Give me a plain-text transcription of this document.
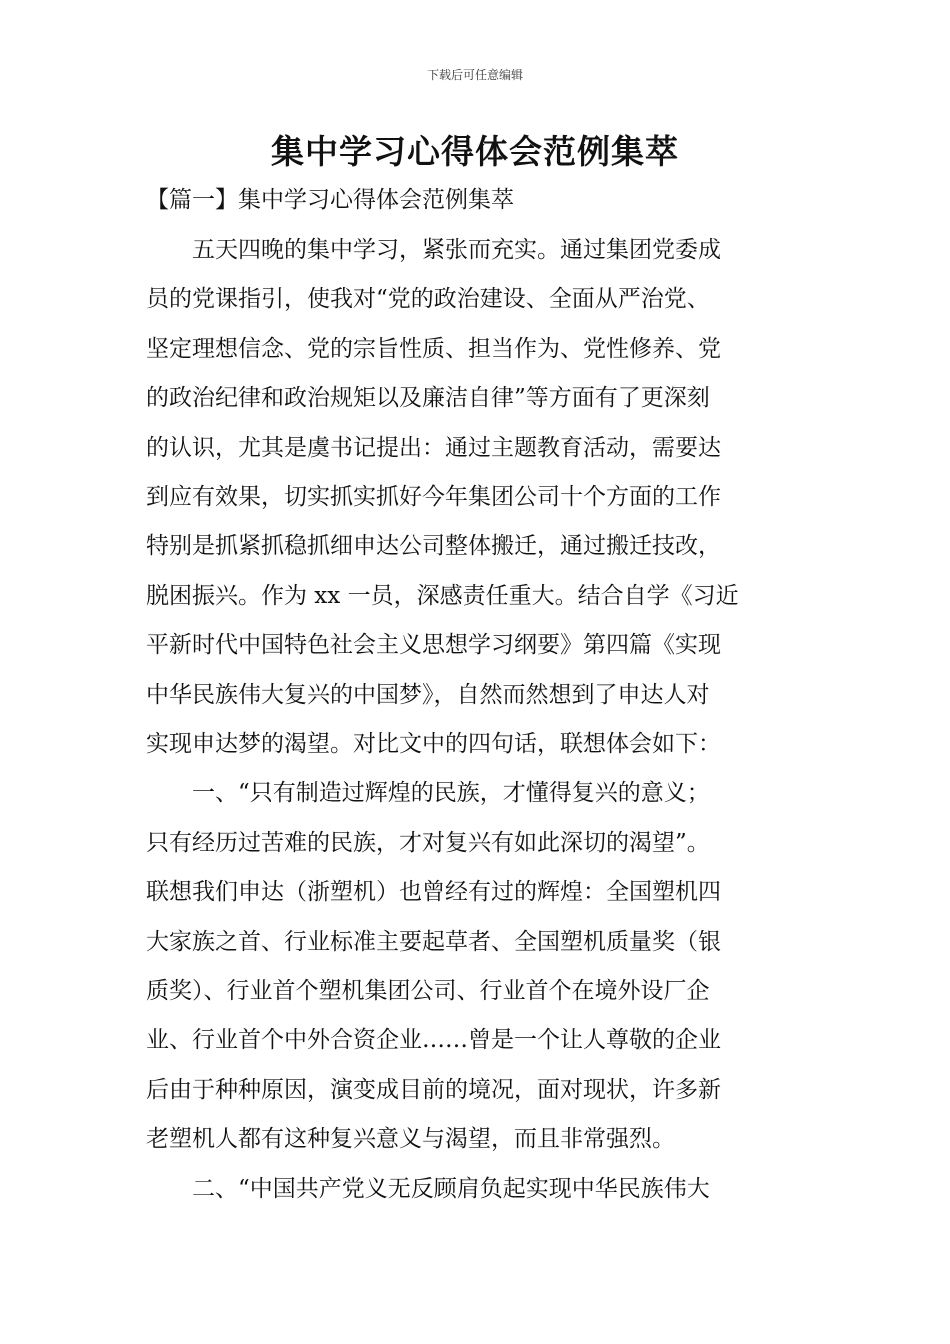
下载后可任意编辑
集中学习心得体会范例集萃
【篇一】集中学习心得体会范例集萃
　　五天四晚的集中学习，紧张而充实。通过集团党委成
员的党课指引，使我对“党的政治建设、全面从严治党、
坚定理想信念、党的宗旨性质、担当作为、党性修养、党
的政治纪律和政治规矩以及廉洁自律”等方面有了更深刻
的认识，尤其是虞书记提出：通过主题教育活动，需要达
到应有效果，切实抓实抓好今年集团公司十个方面的工作
特别是抓紧抓稳抓细申达公司整体搬迁，通过搬迁技改，
脱困振兴。作为 xx 一员，深感责任重大。结合自学《习近
平新时代中国特色社会主义思想学习纲要》第四篇《实现
中华民族伟大复兴的中国梦》，自然而然想到了申达人对
实现申达梦的渴望。对比文中的四句话，联想体会如下：
　　一、“只有制造过辉煌的民族，才懂得复兴的意义；
只有经历过苦难的民族，才对复兴有如此深切的渴望”。
联想我们申达（浙塑机）也曾经有过的辉煌：全国塑机四
大家族之首、行业标准主要起草者、全国塑机质量奖（银
质奖）、行业首个塑机集团公司、行业首个在境外设厂企
业、行业首个中外合资企业……曾是一个让人尊敬的企业
后由于种种原因，演变成目前的境况，面对现状，许多新
老塑机人都有这种复兴意义与渴望，而且非常强烈。
　　二、“中国共产党义无反顾肩负起实现中华民族伟大
